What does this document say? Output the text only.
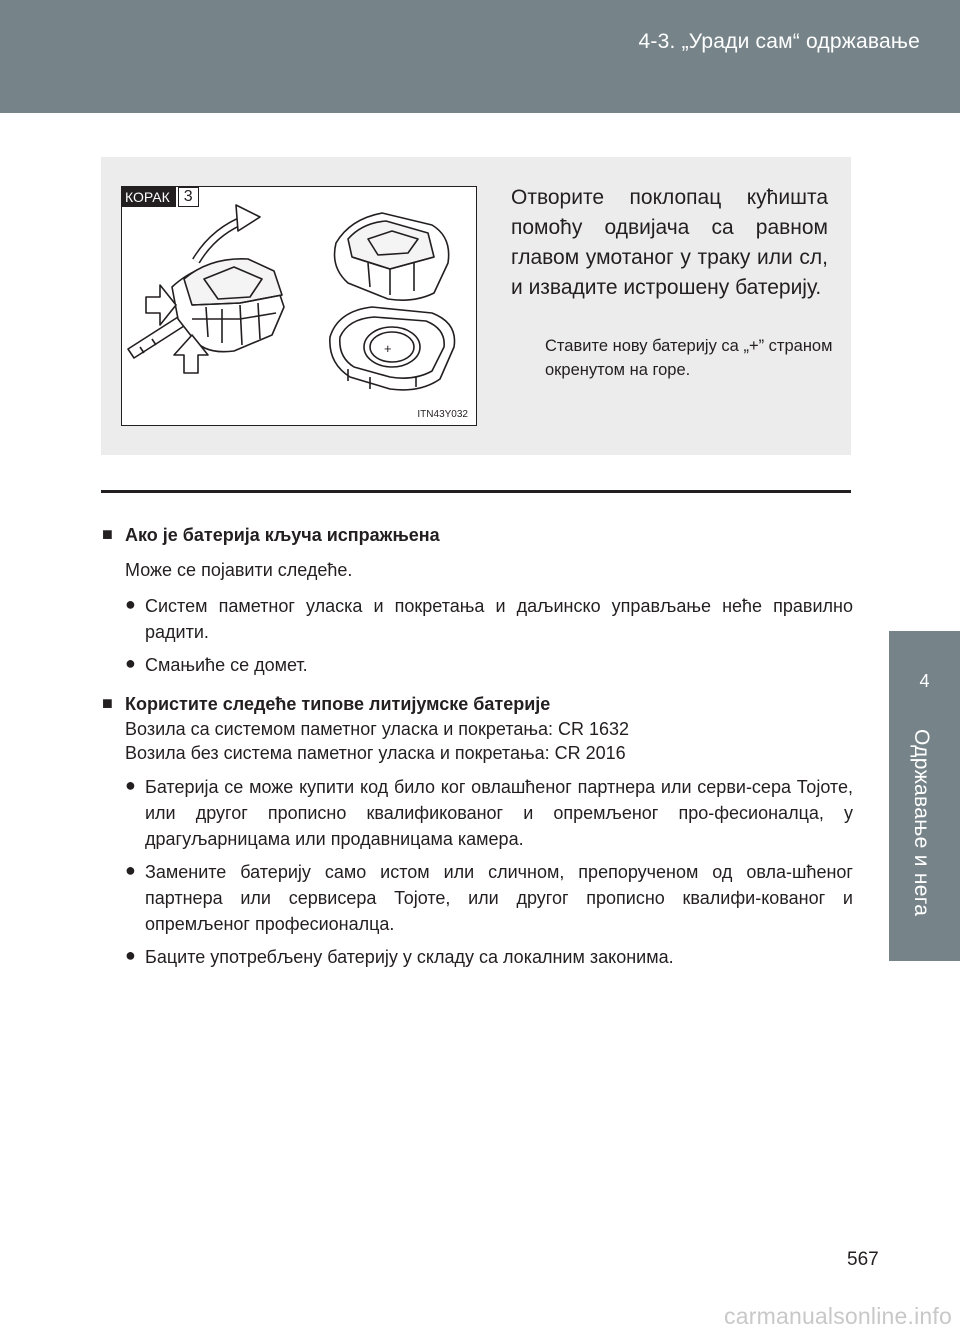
4-3. „Уради сам“ одржавање
4
Одржавање и нега
КОРАК 3
+
ITN43Y032

Отворите поклопац кућишта помоћу одвијача са равном главом умотаног у траку или сл, и извадите истрошену батерију.

Ставите нову батерију са „+” страном окренутом на горе.

■ Ако је батерија кључа испражњена

Може се појавити следеће.

● Систем паметног уласка и покретања и даљинско управљање неће правилно радити.
● Смањиће се домет.
■ Користите следеће типове литијумске батерије

Возила са системом паметног уласка и покретања: CR 1632

Возила без система паметног уласка и покретања: CR 2016

● Батерија се може купити код било ког овлашћеног партнера или серви-сера Тојоте, или другог прописно квалификованог и опремљеног про-фесионалца, у драгуљарницама или продавницама камера.
● Замените батерију само истом или сличном, препорученом од овла-шћеног партнера или сервисера Тојоте, или другог прописно квалифи-кованог и опремљеног професионалца.
● Баците употребљену батерију у складу са локалним законима.
567
carmanualsonline.info
